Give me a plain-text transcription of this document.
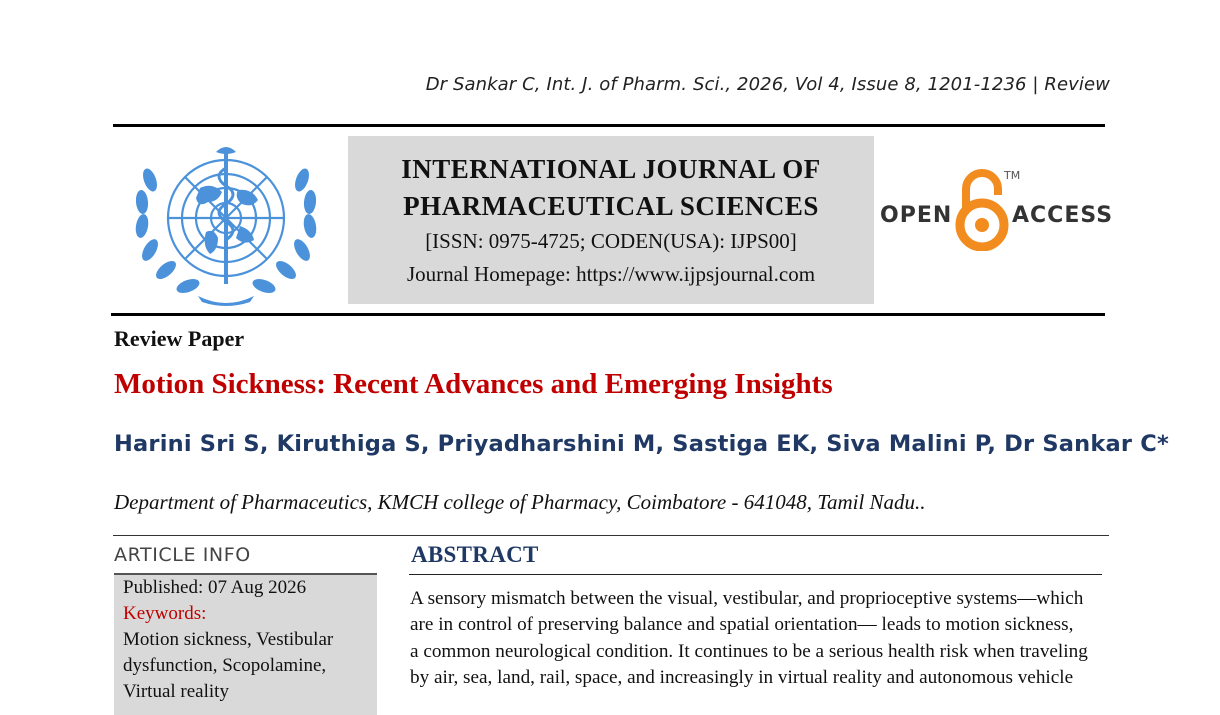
Dr Sankar C, Int. J. of Pharm. Sci., 2026, Vol 4, Issue 8, 1201-1236 | Review
INTERNATIONAL JOURNAL OF
PHARMACEUTICAL SCIENCES
[ISSN: 0975-4725; CODEN(USA): IJPS00]
Journal Homepage: https://www.ijpsjournal.com
OPEN
TM
ACCESS
Review Paper
Motion Sickness: Recent Advances and Emerging Insights
Harini Sri S, Kiruthiga S, Priyadharshini M, Sastiga EK, Siva Malini P, Dr Sankar C*
Department of Pharmaceutics, KMCH college of Pharmacy, Coimbatore - 641048, Tamil Nadu..
ARTICLE INFO
Published: 07 Aug 2026
Keywords:
Motion sickness, Vestibular
dysfunction, Scopolamine,
Virtual reality
ABSTRACT
A sensory mismatch between the visual, vestibular, and proprioceptive systems—which
are in control of preserving balance and spatial orientation— leads to motion sickness,
a common neurological condition. It continues to be a serious health risk when traveling
by air, sea, land, rail, space, and increasingly in virtual reality and autonomous vehicle
